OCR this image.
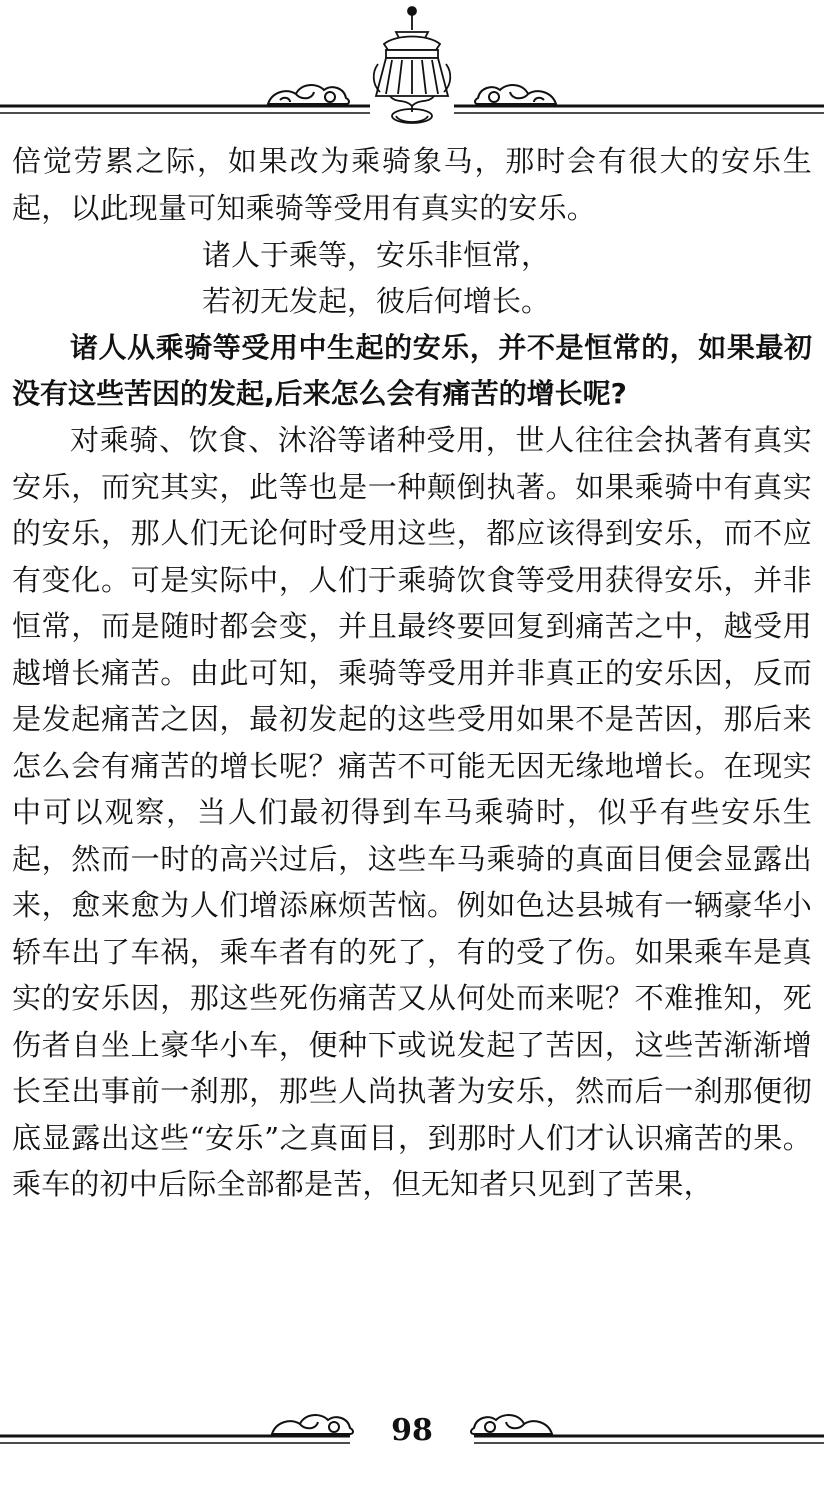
倍觉劳累之际，如果改为乘骑象马，那时会有很大的安乐生起，以此现量可知乘骑等受用有真实的安乐。

诸人于乘等，安乐非恒常，

若初无发起，彼后何增长。

诸人从乘骑等受用中生起的安乐，并不是恒常的，如果最初没有这些苦因的发起,后来怎么会有痛苦的增长呢?

对乘骑、饮食、沐浴等诸种受用，世人往往会执著有真实安乐，而究其实，此等也是一种颠倒执著。如果乘骑中有真实的安乐，那人们无论何时受用这些，都应该得到安乐，而不应有变化。可是实际中，人们于乘骑饮食等受用获得安乐，并非恒常，而是随时都会变，并且最终要回复到痛苦之中，越受用越增长痛苦。由此可知，乘骑等受用并非真正的安乐因，反而是发起痛苦之因，最初发起的这些受用如果不是苦因，那后来怎么会有痛苦的增长呢？痛苦不可能无因无缘地增长。在现实中可以观察，当人们最初得到车马乘骑时，似乎有些安乐生起，然而一时的高兴过后，这些车马乘骑的真面目便会显露出来，愈来愈为人们增添麻烦苦恼。例如色达县城有一辆豪华小轿车出了车祸，乘车者有的死了，有的受了伤。如果乘车是真实的安乐因，那这些死伤痛苦又从何处而来呢？不难推知，死伤者自坐上豪华小车，便种下或说发起了苦因，这些苦渐渐增长至出事前一刹那，那些人尚执著为安乐，然而后一刹那便彻底显露出这些“安乐”之真面目，到那时人们才认识痛苦的果。乘车的初中后际全部都是苦，但无知者只见到了苦果，

98
